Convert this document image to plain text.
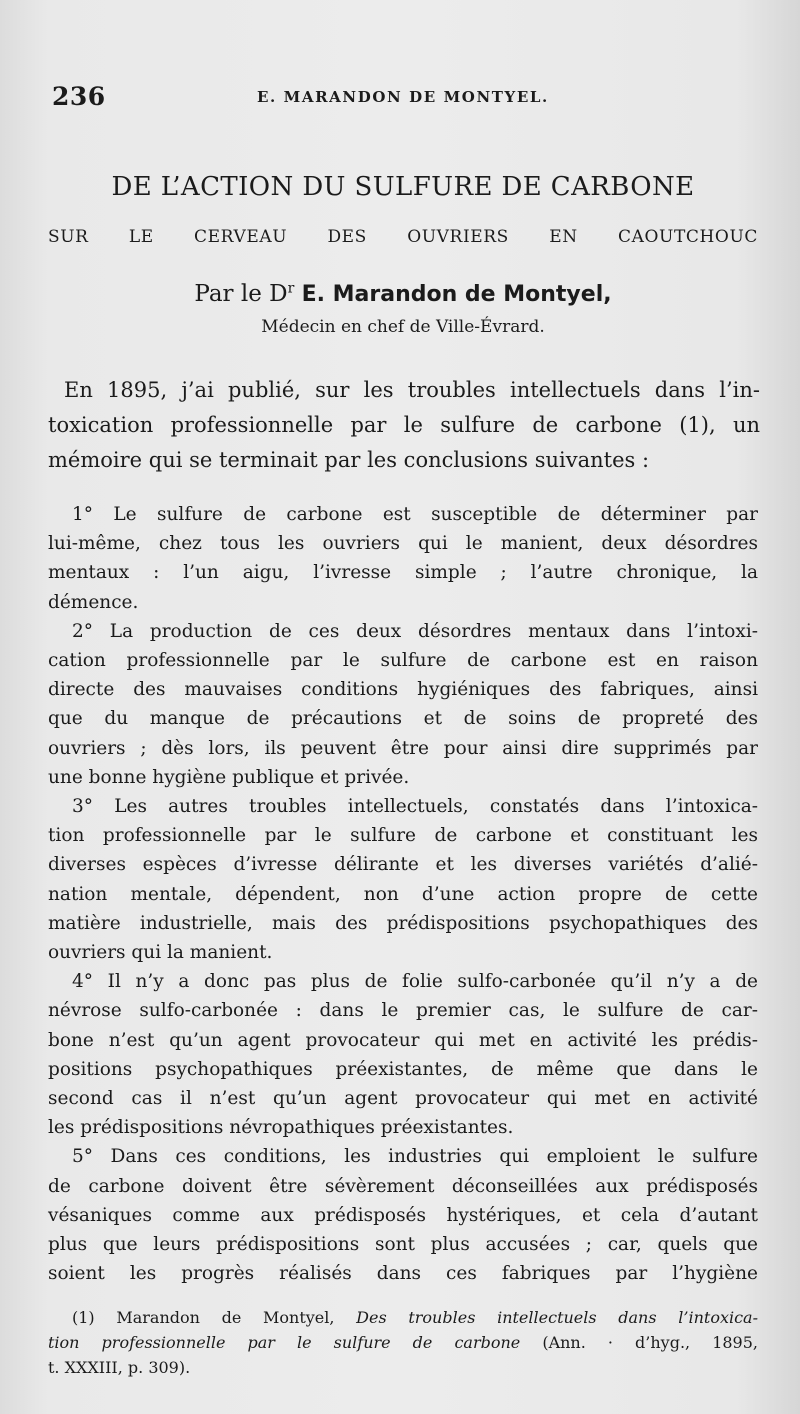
236	E. MARANDON DE MONTYEL.
DE L’ACTION DU SULFURE DE CARBONE
SUR LE CERVEAU DES OUVRIERS EN CAOUTCHOUC
Par le $D^r$ E. Marandon de Montyel,
Médecin en chef de Ville-Évrard.
En 1895, j’ai publié, sur les troubles intellectuels dans l’in-
toxication professionnelle par le sulfure de carbone (1), un
mémoire qui se terminait par les conclusions suivantes :
1° Le sulfure de carbone est susceptible de déterminer par
lui-même, chez tous les ouvriers qui le manient, deux désordres
mentaux : l’un aigu, l’ivresse simple ; l’autre chronique, la
démence.
2° La production de ces deux désordres mentaux dans l’intoxi-
cation professionnelle par le sulfure de carbone est en raison
directe des mauvaises conditions hygiéniques des fabriques, ainsi
que du manque de précautions et de soins de propreté des
ouvriers ; dès lors, ils peuvent être pour ainsi dire supprimés par
une bonne hygiène publique et privée.
3° Les autres troubles intellectuels, constatés dans l’intoxica-
tion professionnelle par le sulfure de carbone et constituant les
diverses espèces d’ivresse délirante et les diverses variétés d’alié-
nation mentale, dépendent, non d’une action propre de cette
matière industrielle, mais des prédispositions psychopathiques des
ouvriers qui la manient.
4° Il n’y a donc pas plus de folie sulfo-carbonée qu’il n’y a de
névrose sulfo-carbonée : dans le premier cas, le sulfure de car-
bone n’est qu’un agent provocateur qui met en activité les prédis-
positions psychopathiques préexistantes, de même que dans le
second cas il n’est qu’un agent provocateur qui met en activité
les prédispositions névropathiques préexistantes.
5° Dans ces conditions, les industries qui emploient le sulfure
de carbone doivent être sévèrement déconseillées aux prédisposés
vésaniques comme aux prédisposés hystériques, et cela d’autant
plus que leurs prédispositions sont plus accusées ; car, quels que
soient les progrès réalisés dans ces fabriques par l’hygiène
(1) Marandon de Montyel, Des troubles intellectuels dans l’intoxica-
tion professionnelle par le sulfure de carbone (Ann. · d’hyg., 1895,
t. XXXIII, p. 309).
